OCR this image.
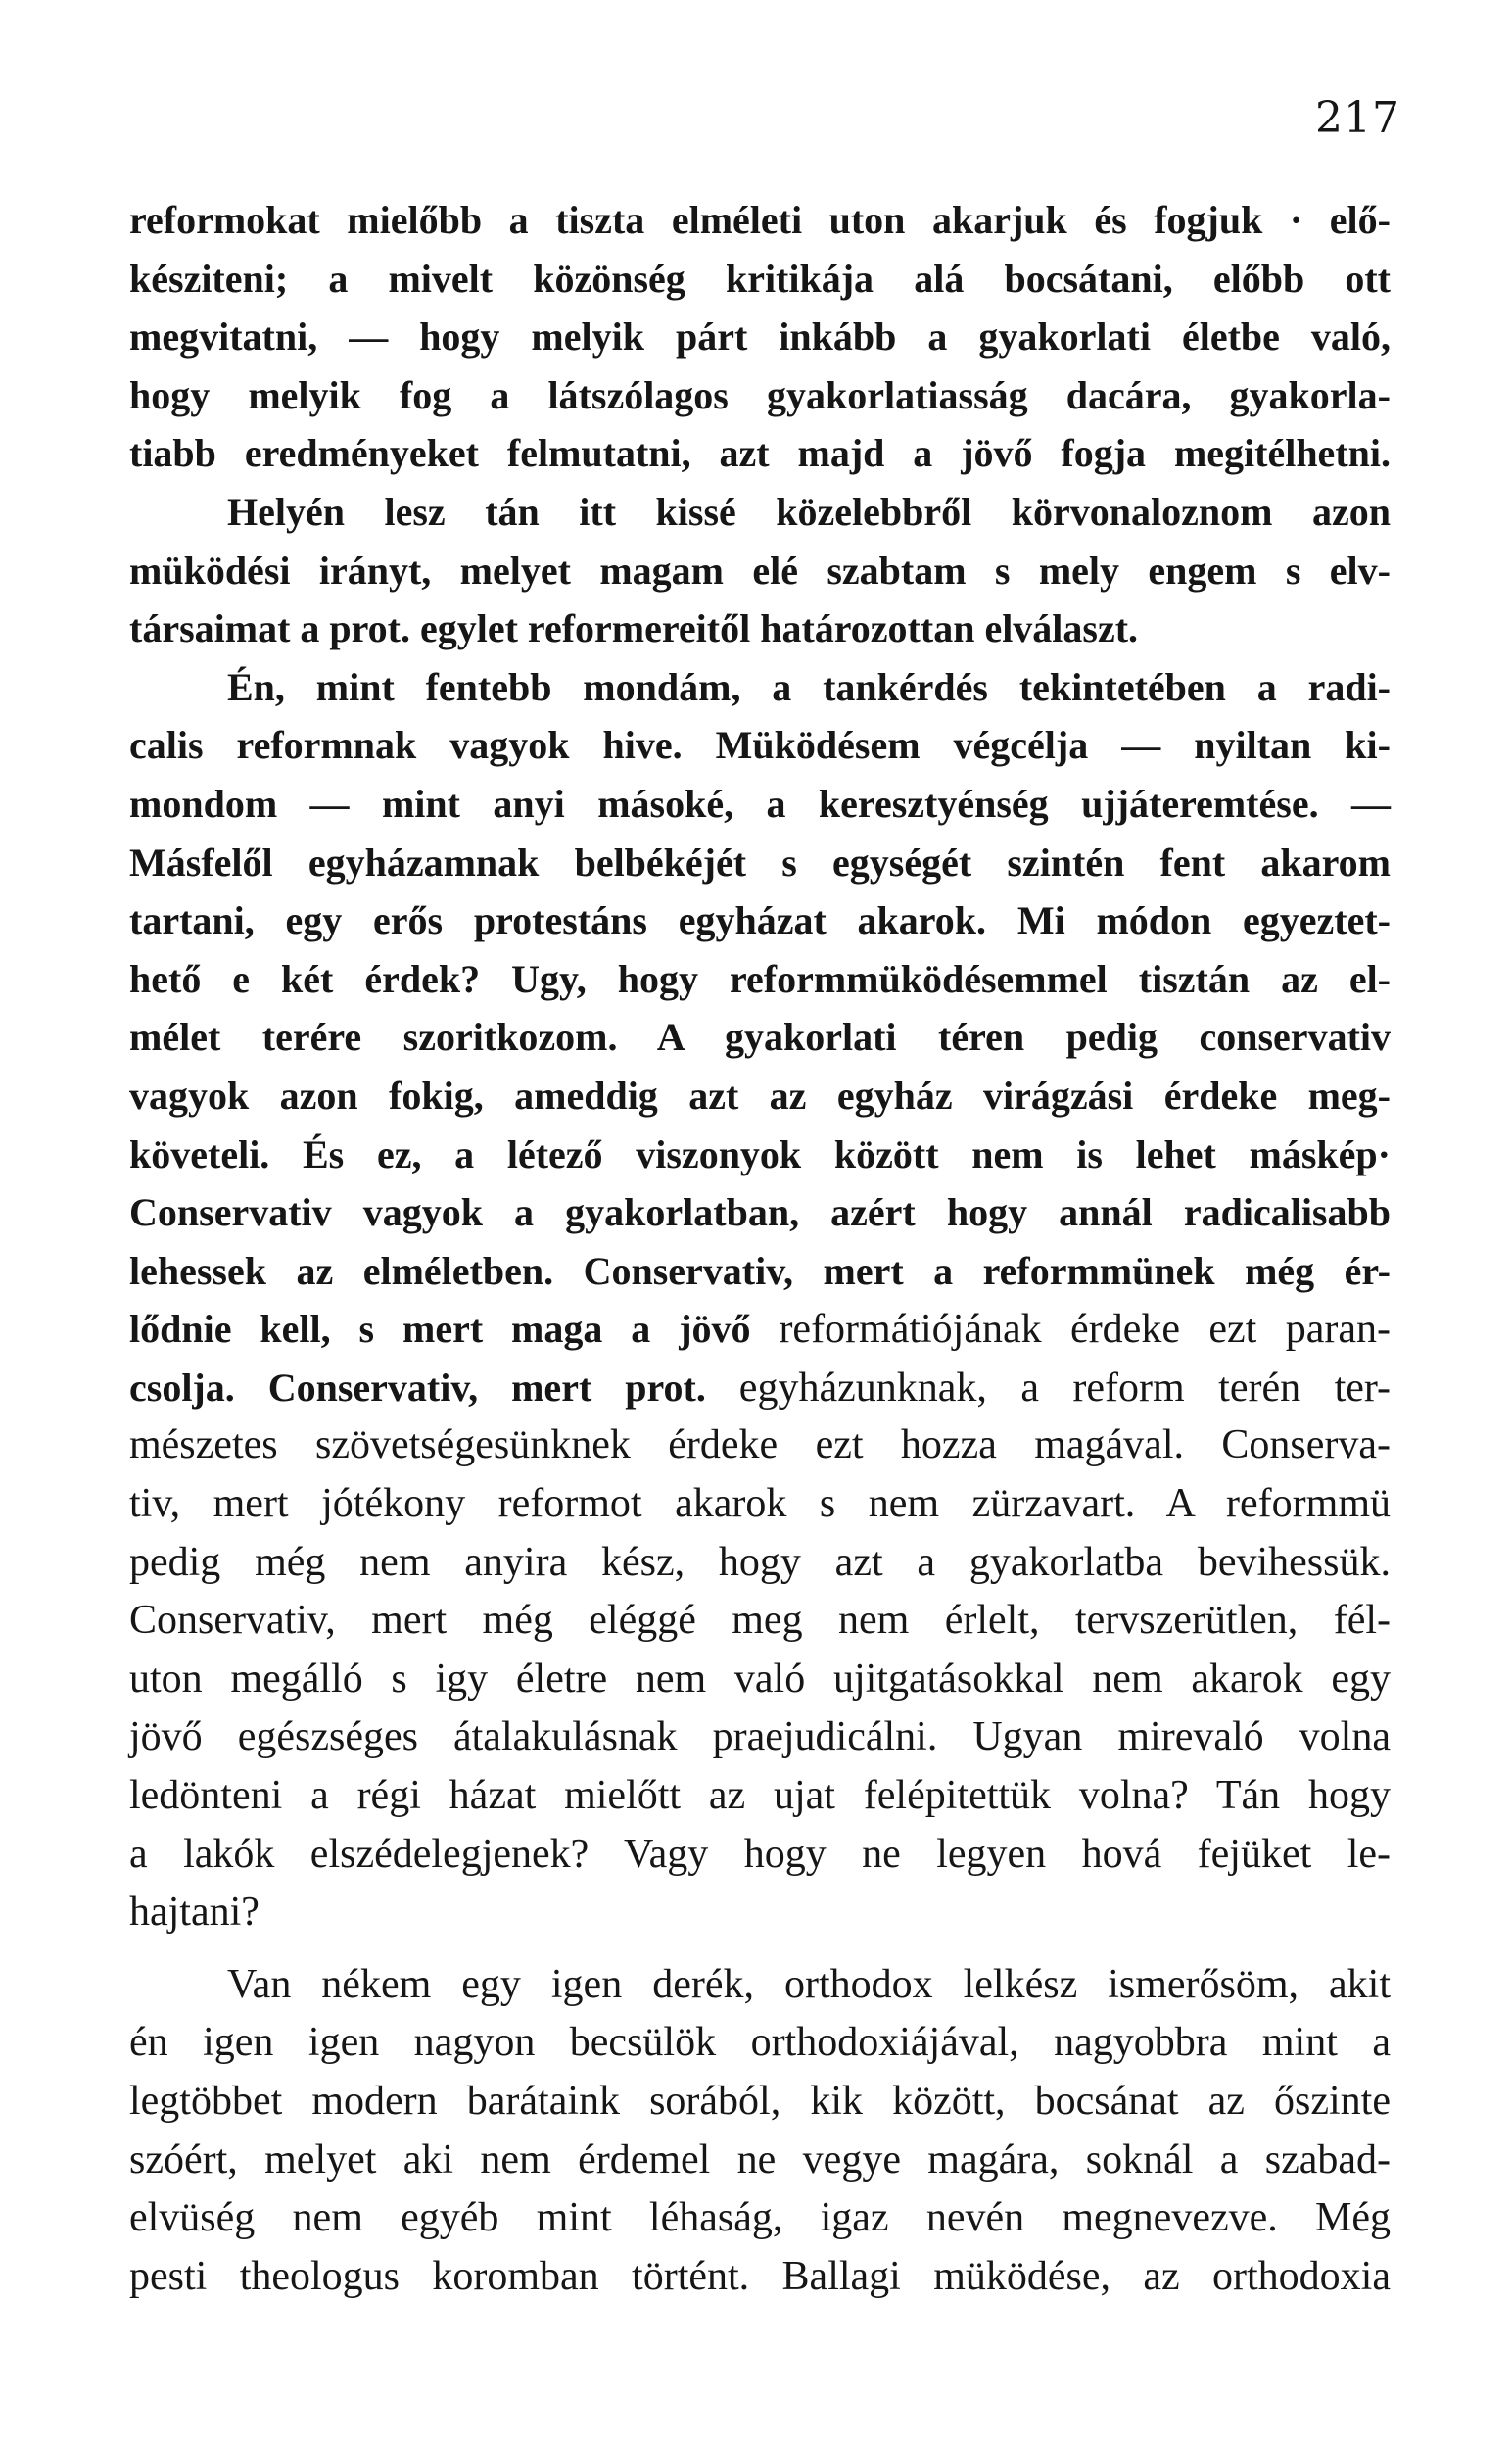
217
reformokat mielőbb a tiszta elméleti uton akarjuk és fogjuk · elő-
késziteni; a mivelt közönség kritikája alá bocsátani, előbb ott
megvitatni, — hogy melyik párt inkább a gyakorlati életbe való,
hogy melyik fog a látszólagos gyakorlatiasság dacára, gyakorla-
tiabb eredményeket felmutatni, azt majd a jövő fogja megitélhetni.
Helyén lesz tán itt kissé közelebbről körvonaloznom azon
müködési irányt, melyet magam elé szabtam s mely engem s elv-
társaimat a prot. egylet reformereitől határozottan elválaszt.
Én, mint fentebb mondám, a tankérdés tekintetében a radi-
calis reformnak vagyok hive. Müködésem végcélja — nyiltan ki-
mondom — mint anyi másoké, a keresztyénség ujjáteremtése. —
Másfelől egyházamnak belbékéjét s egységét szintén fent akarom
tartani, egy erős protestáns egyházat akarok. Mi módon egyeztet-
hető e két érdek? Ugy, hogy reformmüködésemmel tisztán az el-
mélet terére szoritkozom. A gyakorlati téren pedig conservativ
vagyok azon fokig, ameddig azt az egyház virágzási érdeke meg-
követeli. És ez, a létező viszonyok között nem is lehet máskép·
Conservativ vagyok a gyakorlatban, azért hogy annál radicalisabb
lehessek az elméletben. Conservativ, mert a reformmünek még ér-
lődnie kell, s mert maga a jövő reformátiójának érdeke ezt paran-
csolja. Conservativ, mert prot. egyházunknak, a reform terén ter-
mészetes szövetségesünknek érdeke ezt hozza magával. Conserva-
tiv, mert jótékony reformot akarok s nem zürzavart. A reformmü
pedig még nem anyira kész, hogy azt a gyakorlatba bevihessük.
Conservativ, mert még eléggé meg nem érlelt, tervszerütlen, fél-
uton megálló s igy életre nem való ujitgatásokkal nem akarok egy
jövő egészséges átalakulásnak praejudicálni. Ugyan mirevaló volna
ledönteni a régi házat mielőtt az ujat felépitettük volna? Tán hogy
a lakók elszédelegjenek? Vagy hogy ne legyen hová fejüket le-
hajtani?
Van nékem egy igen derék, orthodox lelkész ismerősöm, akit
én igen igen nagyon becsülök orthodoxiájával, nagyobbra mint a
legtöbbet modern barátaink sorából, kik között, bocsánat az őszinte
szóért, melyet aki nem érdemel ne vegye magára, soknál a szabad-
elvüség nem egyéb mint léhaság, igaz nevén megnevezve. Még
pesti theologus koromban történt. Ballagi müködése, az orthodoxia
